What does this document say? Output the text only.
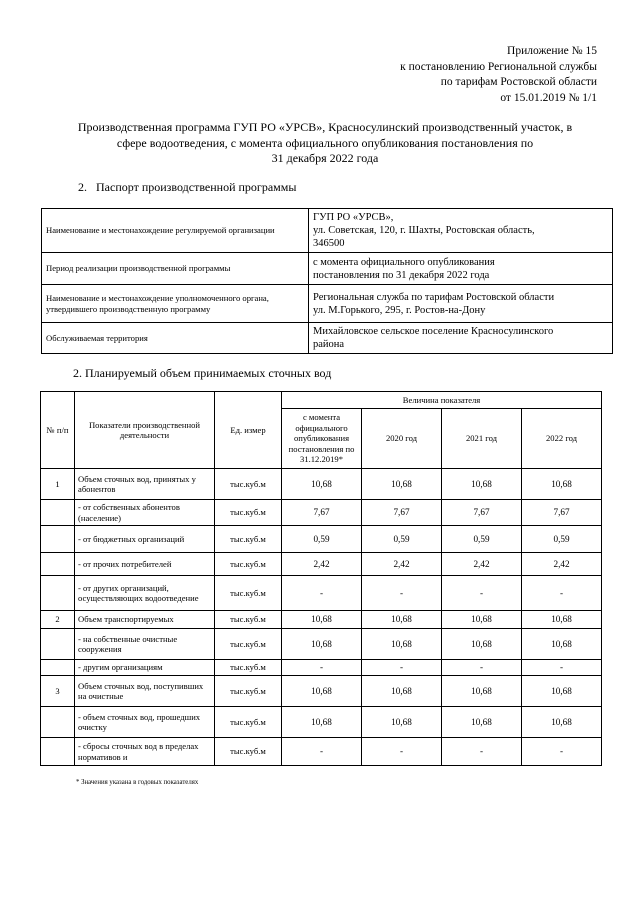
Приложение № 15
к постановлению Региональной службы
по тарифам Ростовской области
от 15.01.2019 № 1/1
Производственная программа ГУП РО «УРСВ», Красносулинский производственный участок, в
сфере водоотведения, с момента официального опубликования постановления по
31 декабря 2022 года
2. Паспорт производственной программы
Наименование и местонахождение регулируемой организации	ГУП РО «УРСВ»,
ул. Советская, 120, г. Шахты, Ростовская область,
346500

Период реализации производственной программы	с момента официального опубликования
постановления по 31 декабря 2022 года

Наименование и местонахождение уполномоченного органа, утвердившего производственную программу	Региональная служба по тарифам Ростовской области
ул. М.Горького, 295, г. Ростов-на-Дону

Обслуживаемая территория	Михайловское сельское поселение Красносулинского
района
2. Планируемый объем принимаемых сточных вод
№ п/п	Показатели производственной деятельности	Ед. измер	Величина показателя			
			с момента официального опубликования постановления по 31.12.2019*	2020 год	2021 год	2022 год
1	Объем сточных вод, принятых у абонентов	тыс.куб.м	10,68	10,68	10,68	10,68
	- от собственных абонентов (население)	тыс.куб.м	7,67	7,67	7,67	7,67
	- от бюджетных организаций	тыс.куб.м	0,59	0,59	0,59	0,59
	- от прочих потребителей	тыс.куб.м	2,42	2,42	2,42	2,42
	- от других организаций, осуществляющих водоотведение	тыс.куб.м	-	-	-	-
2	Объем транспортируемых	тыс.куб.м	10,68	10,68	10,68	10,68
	- на собственные очистные сооружения	тыс.куб.м	10,68	10,68	10,68	10,68
	- другим организациям	тыс.куб.м	-	-	-	-
3	Объем сточных вод, поступивших на очистные	тыс.куб.м	10,68	10,68	10,68	10,68
	- объем сточных вод, прошедших очистку	тыс.куб.м	10,68	10,68	10,68	10,68
	- сбросы сточных вод в пределах нормативов и	тыс.куб.м	-	-	-	-
* Значения указана в годовых показателях
